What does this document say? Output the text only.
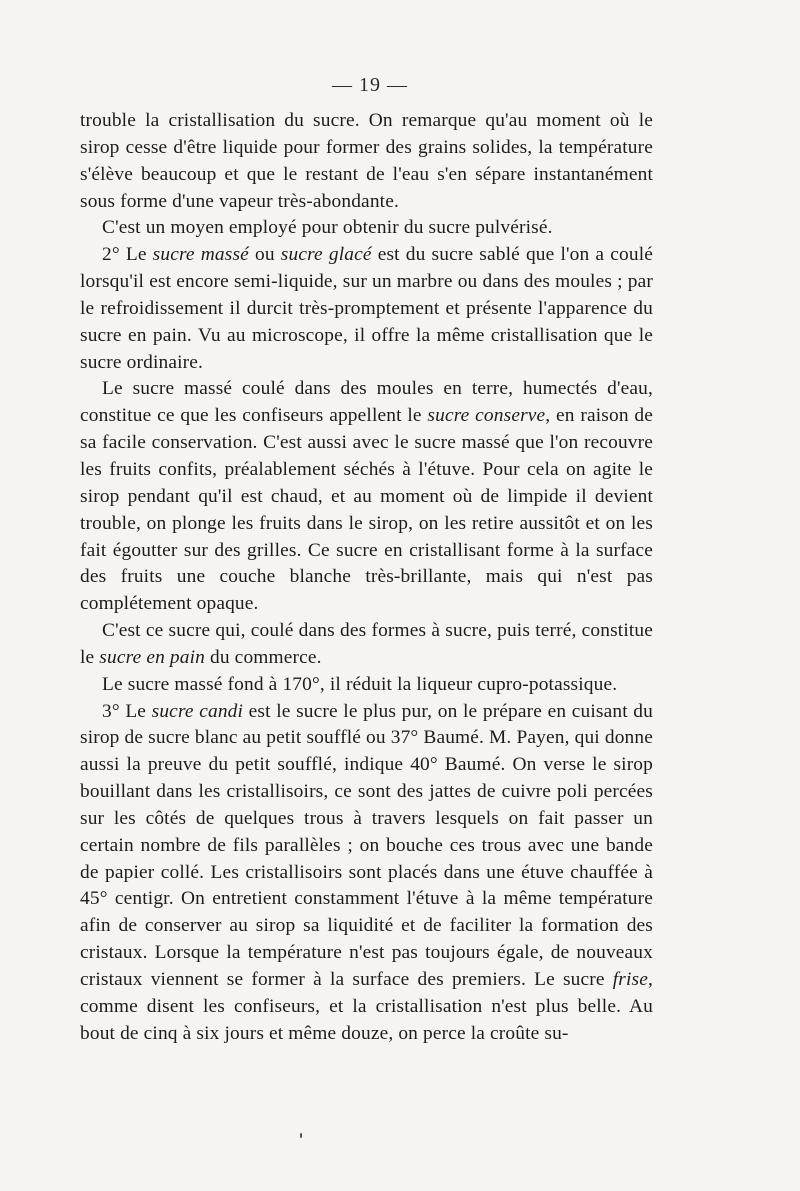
— 19 —

trouble la cristallisation du sucre. On remarque qu'au moment où le sirop cesse d'être liquide pour former des grains solides, la température s'élève beaucoup et que le restant de l'eau s'en sépare instantanément sous forme d'une vapeur très-abondante.

C'est un moyen employé pour obtenir du sucre pulvérisé.

2° Le sucre massé ou sucre glacé est du sucre sablé que l'on a coulé lorsqu'il est encore semi-liquide, sur un marbre ou dans des moules ; par le refroidissement il durcit très-promptement et présente l'apparence du sucre en pain. Vu au microscope, il offre la même cristallisation que le sucre ordinaire.

Le sucre massé coulé dans des moules en terre, humectés d'eau, constitue ce que les confiseurs appellent le sucre conserve, en raison de sa facile conservation. C'est aussi avec le sucre massé que l'on recouvre les fruits confits, préalablement séchés à l'étuve. Pour cela on agite le sirop pendant qu'il est chaud, et au moment où de limpide il devient trouble, on plonge les fruits dans le sirop, on les retire aussitôt et on les fait égoutter sur des grilles. Ce sucre en cristallisant forme à la surface des fruits une couche blanche très-brillante, mais qui n'est pas complétement opaque.

C'est ce sucre qui, coulé dans des formes à sucre, puis terré, constitue le sucre en pain du commerce.

Le sucre massé fond à 170°, il réduit la liqueur cupro-potassique.

3° Le sucre candi est le sucre le plus pur, on le prépare en cuisant du sirop de sucre blanc au petit soufflé ou 37° Baumé. M. Payen, qui donne aussi la preuve du petit soufflé, indique 40° Baumé. On verse le sirop bouillant dans les cristallisoirs, ce sont des jattes de cuivre poli percées sur les côtés de quelques trous à travers lesquels on fait passer un certain nombre de fils parallèles ; on bouche ces trous avec une bande de papier collé. Les cristallisoirs sont placés dans une étuve chauffée à 45° centigr. On entretient constamment l'étuve à la même température afin de conserver au sirop sa liquidité et de faciliter la formation des cristaux. Lorsque la température n'est pas toujours égale, de nouveaux cristaux viennent se former à la surface des premiers. Le sucre frise, comme disent les confiseurs, et la cristallisation n'est plus belle. Au bout de cinq à six jours et même douze, on perce la croûte su-
